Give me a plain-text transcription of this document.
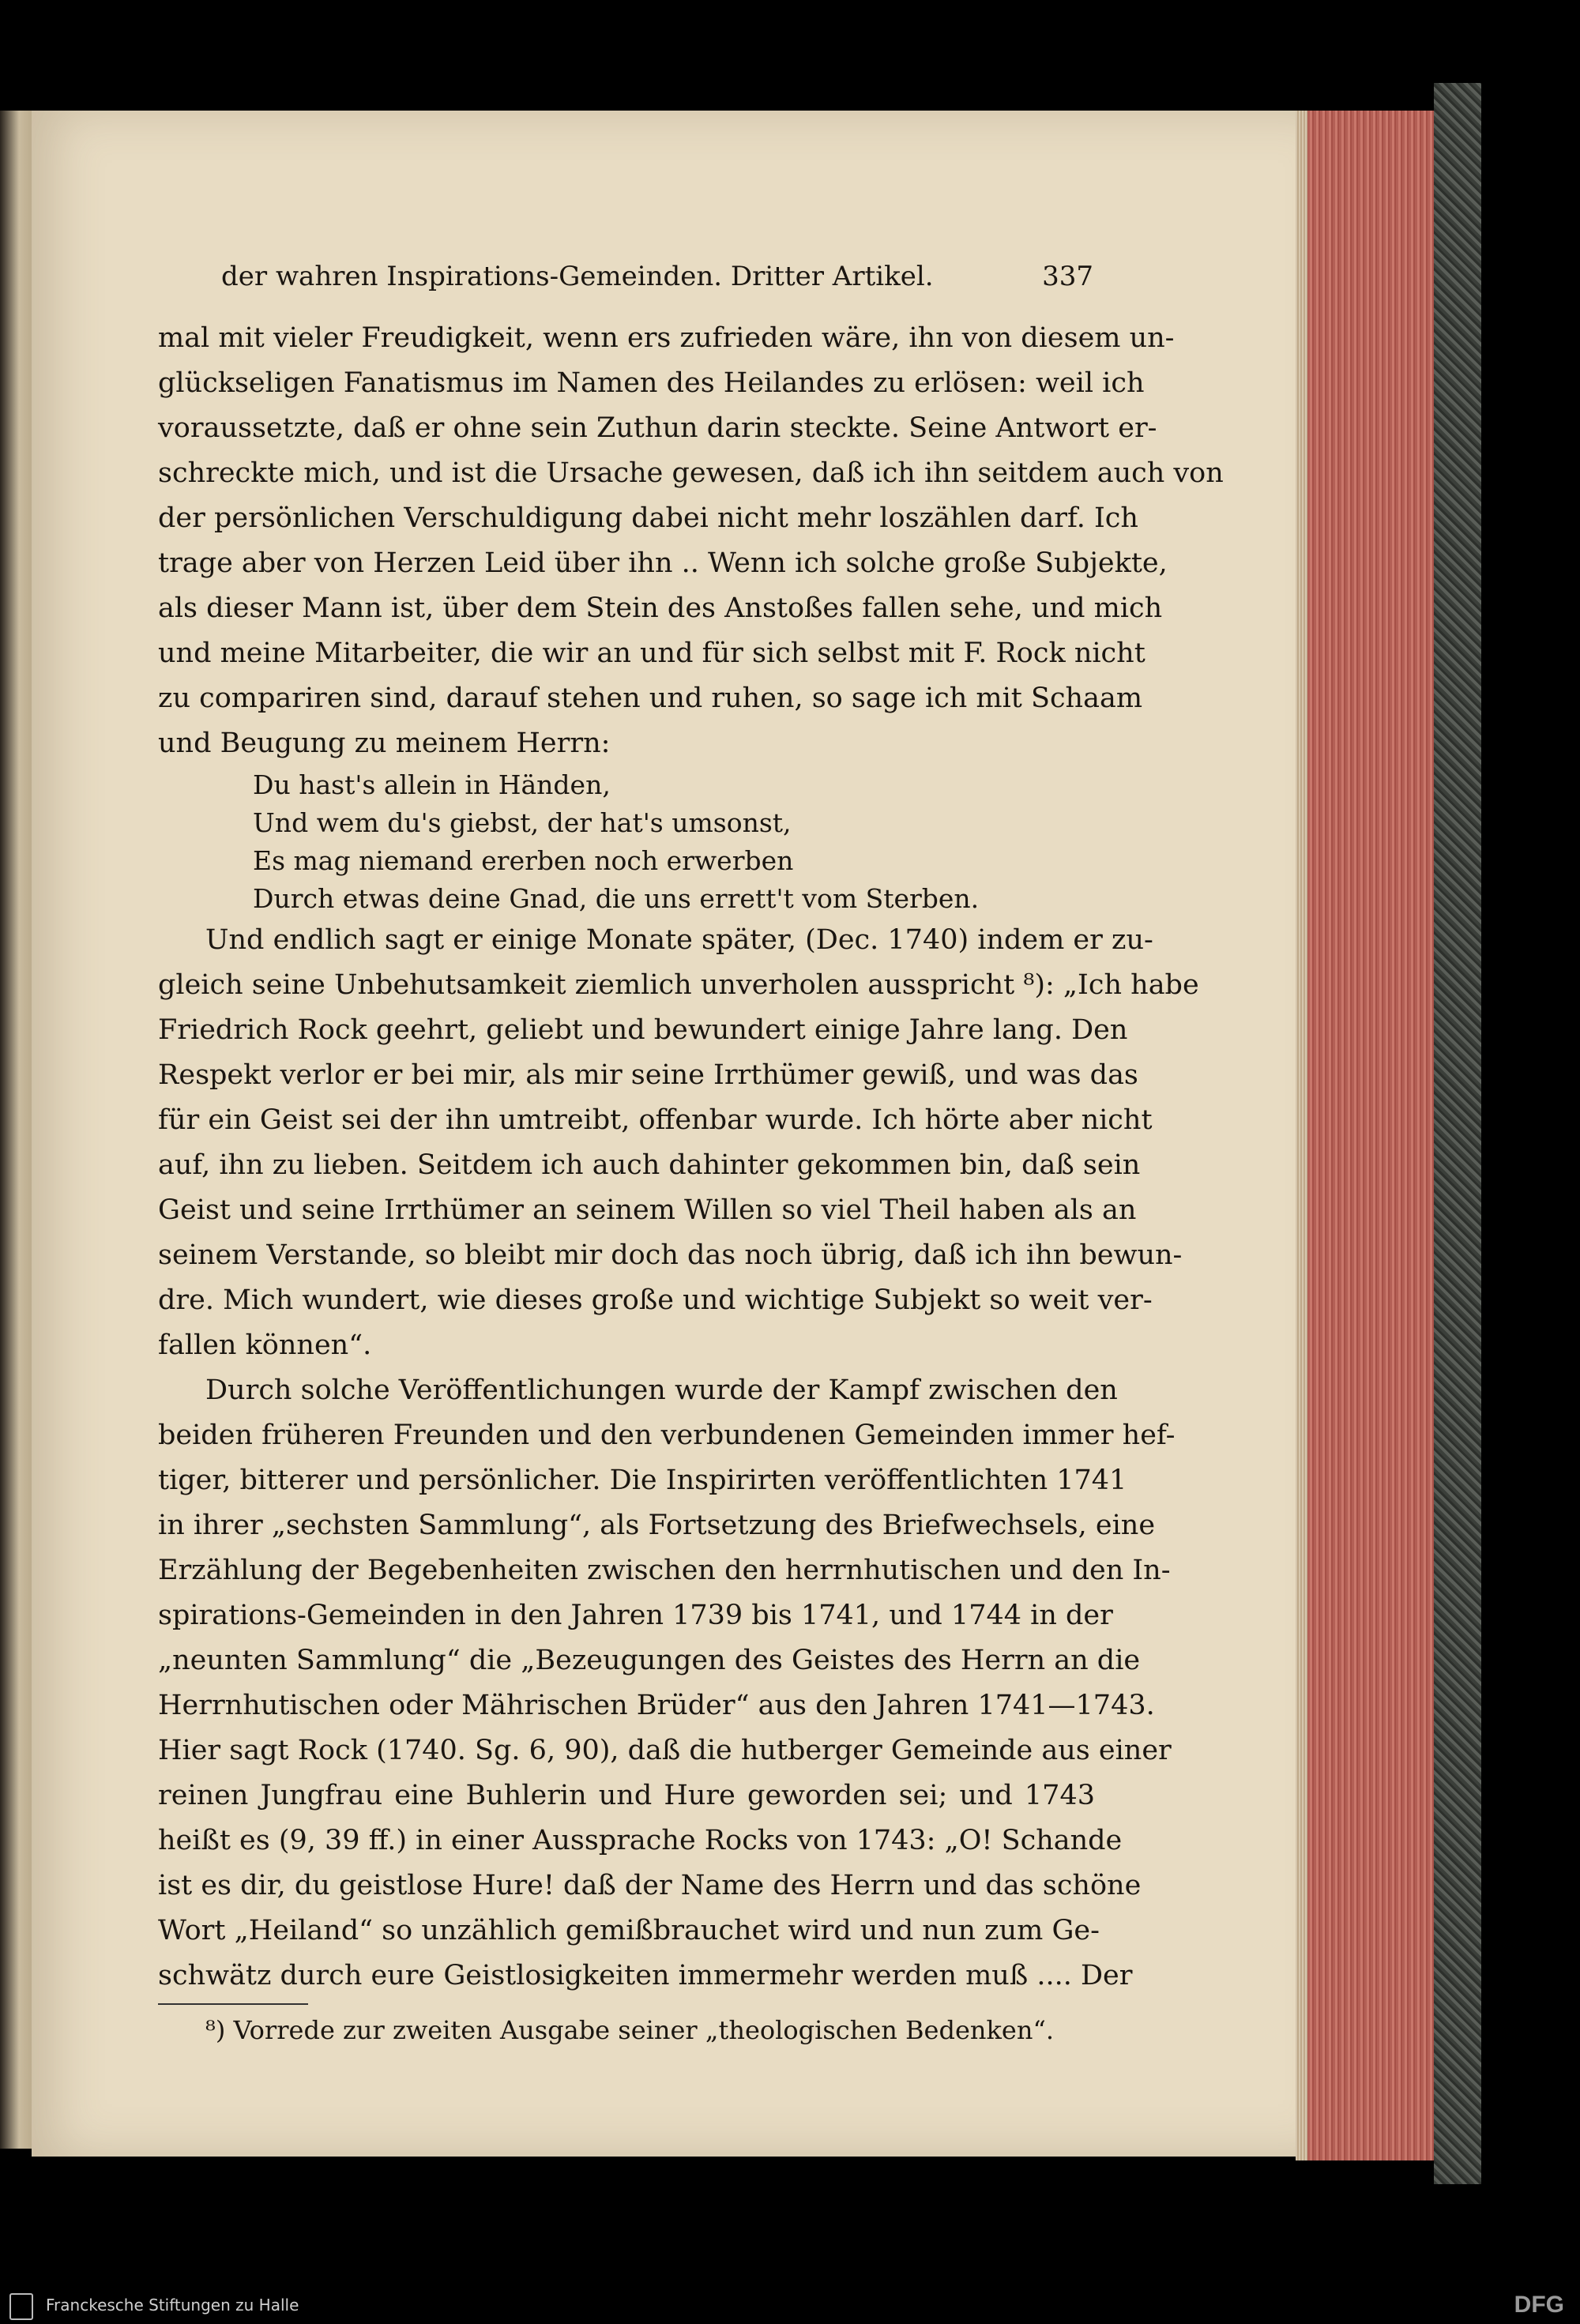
der wahren Inspirations-Gemeinden. Dritter Artikel.	337
mal mit vieler Freudigkeit, wenn ers zufrieden wäre, ihn von diesem un-
glückseligen Fanatismus im Namen des Heilandes zu erlösen: weil ich
voraussetzte, daß er ohne sein Zuthun darin steckte. Seine Antwort er-
schreckte mich, und ist die Ursache gewesen, daß ich ihn seitdem auch von
der persönlichen Verschuldigung dabei nicht mehr loszählen darf. Ich
trage aber von Herzen Leid über ihn .. Wenn ich solche große Subjekte,
als dieser Mann ist, über dem Stein des Anstoßes fallen sehe, und mich
und meine Mitarbeiter, die wir an und für sich selbst mit F. Rock nicht
zu compariren sind, darauf stehen und ruhen, so sage ich mit Schaam
und Beugung zu meinem Herrn:
Du hast's allein in Händen,
Und wem du's giebst, der hat's umsonst,
Es mag niemand ererben noch erwerben
Durch etwas deine Gnad, die uns errett't vom Sterben.
Und endlich sagt er einige Monate später, (Dec. 1740) indem er zu-
gleich seine Unbehutsamkeit ziemlich unverholen ausspricht ⁸): „Ich habe
Friedrich Rock geehrt, geliebt und bewundert einige Jahre lang. Den
Respekt verlor er bei mir, als mir seine Irrthümer gewiß, und was das
für ein Geist sei der ihn umtreibt, offenbar wurde. Ich hörte aber nicht
auf, ihn zu lieben. Seitdem ich auch dahinter gekommen bin, daß sein
Geist und seine Irrthümer an seinem Willen so viel Theil haben als an
seinem Verstande, so bleibt mir doch das noch übrig, daß ich ihn bewun-
dre. Mich wundert, wie dieses große und wichtige Subjekt so weit ver-
fallen können“.
Durch solche Veröffentlichungen wurde der Kampf zwischen den
beiden früheren Freunden und den verbundenen Gemeinden immer hef-
tiger, bitterer und persönlicher. Die Inspirirten veröffentlichten 1741
in ihrer „sechsten Sammlung“, als Fortsetzung des Briefwechsels, eine
Erzählung der Begebenheiten zwischen den herrnhutischen und den In-
spirations-Gemeinden in den Jahren 1739 bis 1741, und 1744 in der
„neunten Sammlung“ die „Bezeugungen des Geistes des Herrn an die
Herrnhutischen oder Mährischen Brüder“ aus den Jahren 1741—1743.
Hier sagt Rock (1740. Sg. 6, 90), daß die hutberger Gemeinde aus einer
reinen Jungfrau eine Buhlerin und Hure geworden sei; und 1743
heißt es (9, 39 ff.) in einer Aussprache Rocks von 1743: „O! Schande
ist es dir, du geistlose Hure! daß der Name des Herrn und das schöne
Wort „Heiland“ so unzählich gemißbrauchet wird und nun zum Ge-
schwätz durch eure Geistlosigkeiten immermehr werden muß .... Der
⁸) Vorrede zur zweiten Ausgabe seiner „theologischen Bedenken“.
Franckesche Stiftungen zu Halle	DFG
